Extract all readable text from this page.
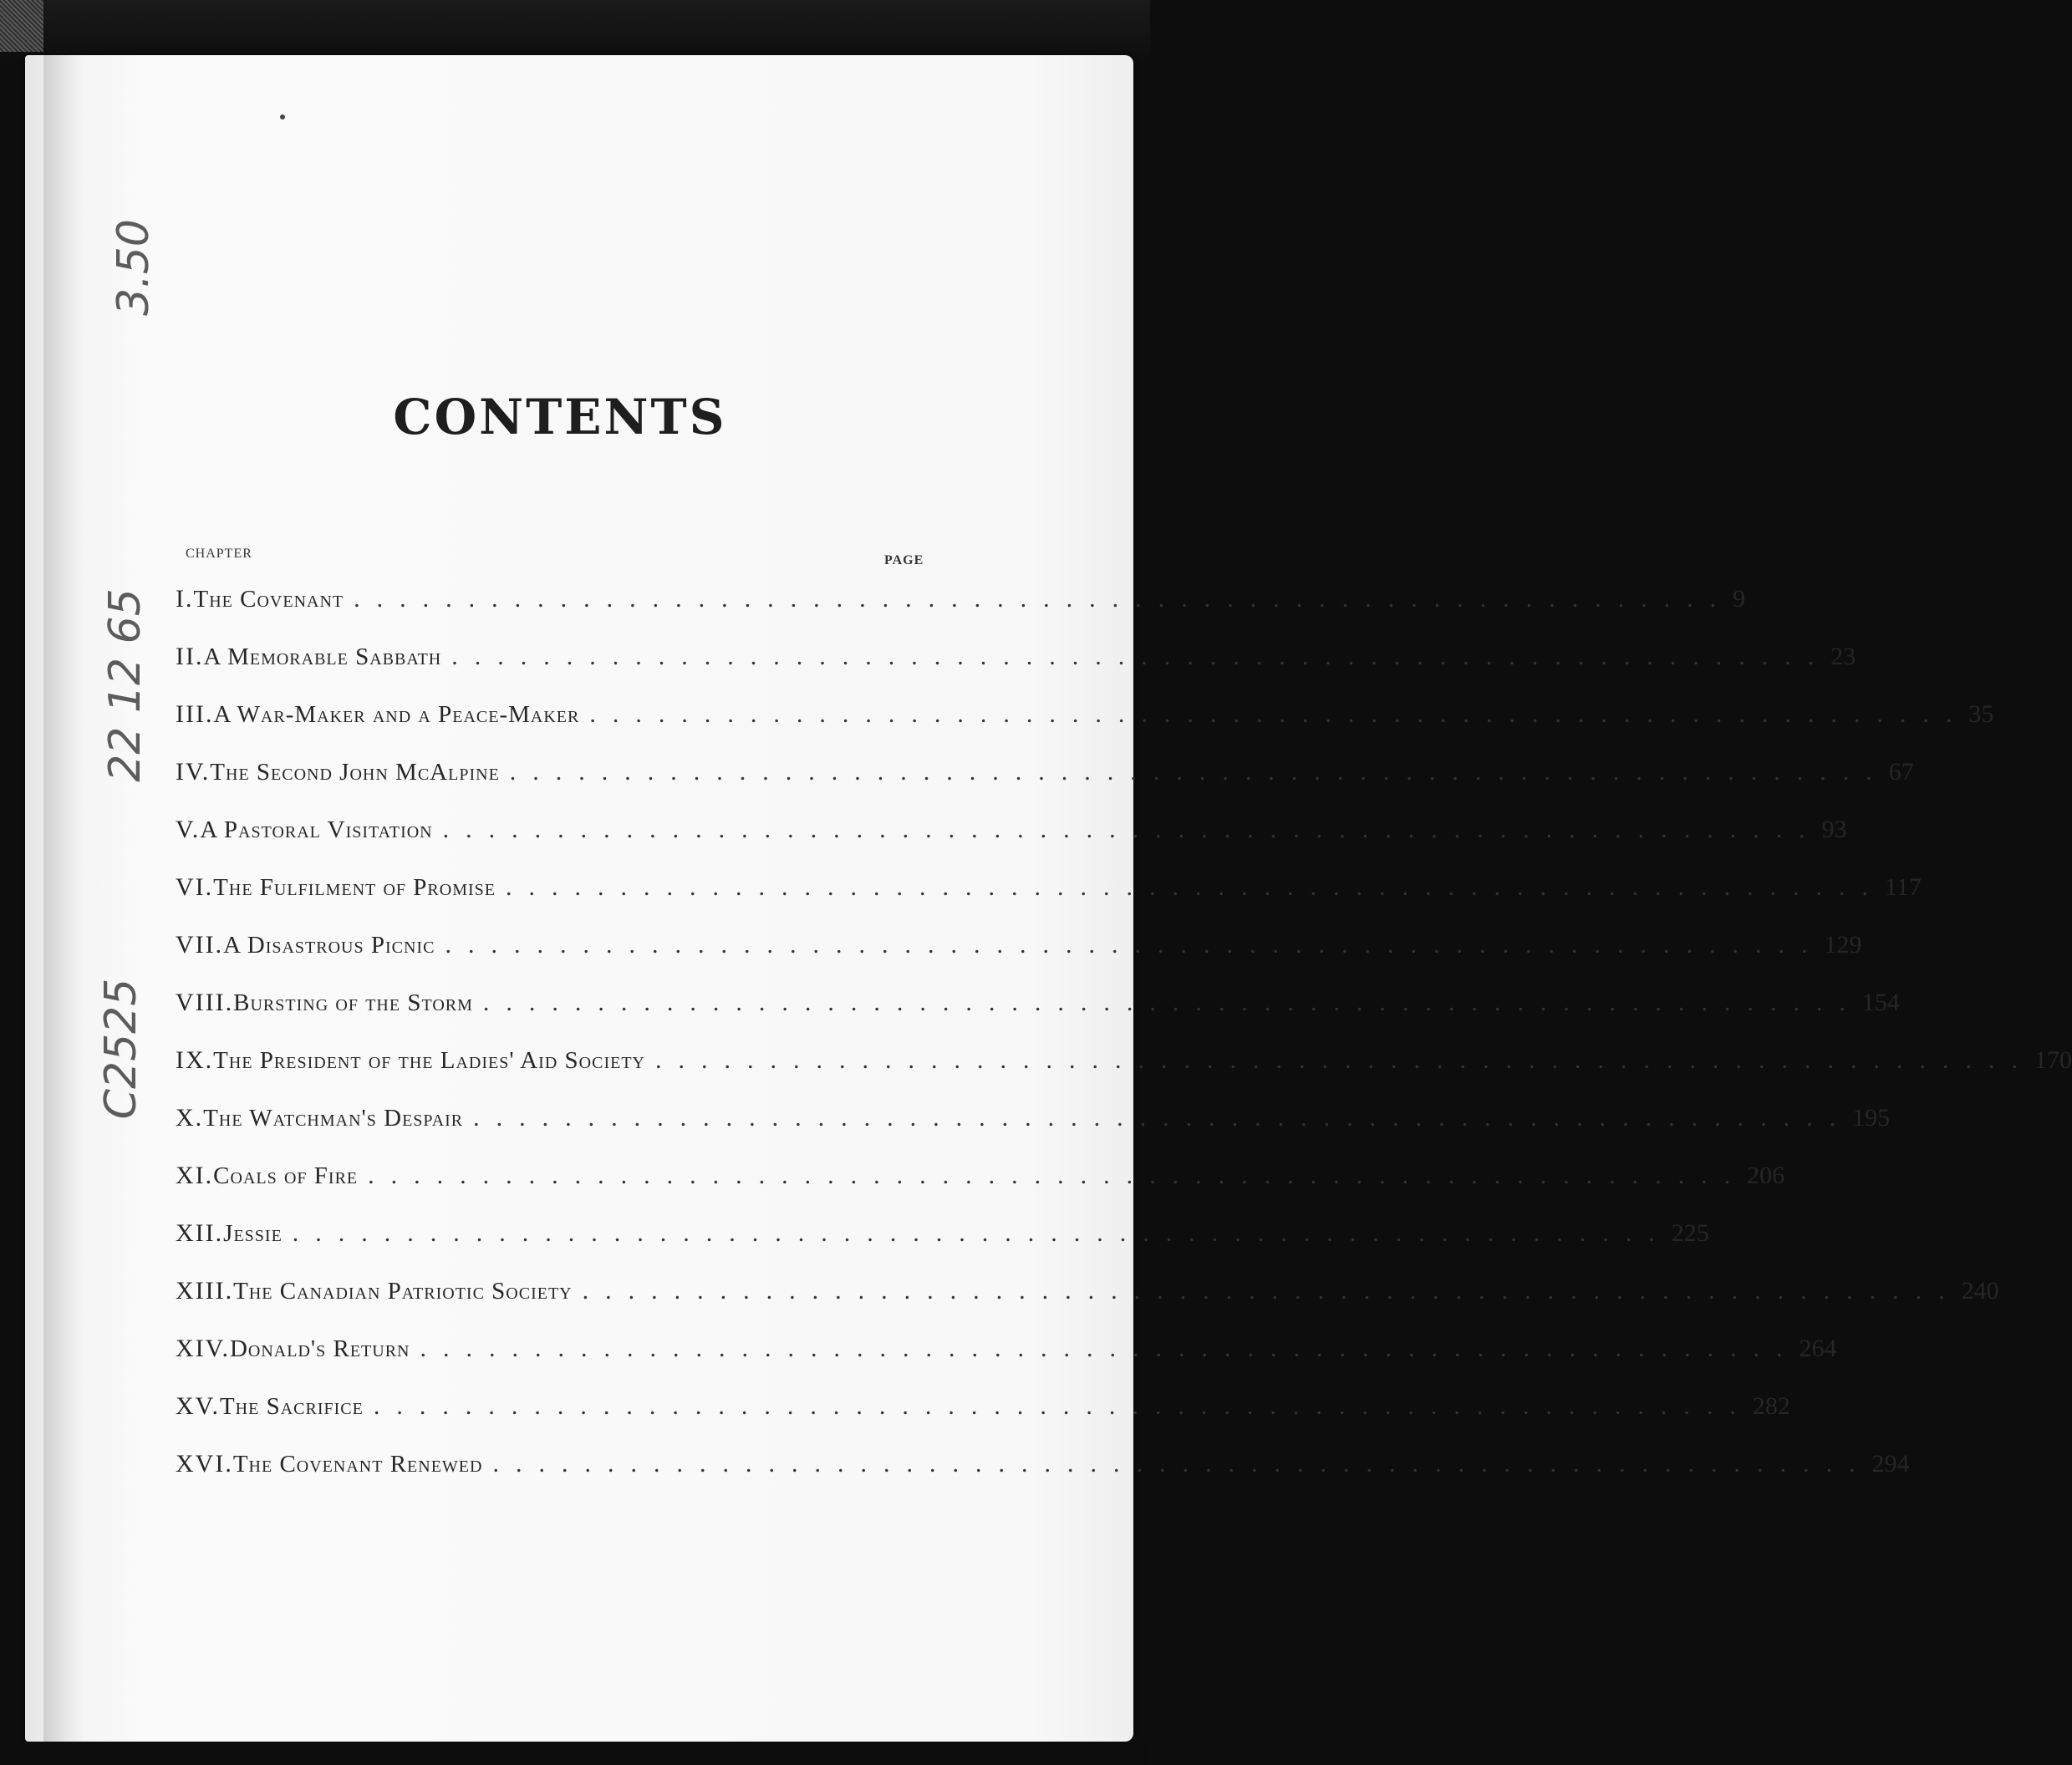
3.50
22 12 65
C2525
CONTENTS
CHAPTER	PAGE
I. The Covenant ............................................................ 9
II. A Memorable Sabbath ............................................................ 23
III. A War-Maker and a Peace-Maker ............................................................ 35
IV. The Second John McAlpine ............................................................ 67
V. A Pastoral Visitation ............................................................ 93
VI. The Fulfilment of Promise ............................................................ 117
VII. A Disastrous Picnic ............................................................ 129
VIII. Bursting of the Storm ............................................................ 154
IX. The President of the Ladies' Aid Society ............................................................ 170
X. The Watchman's Despair ............................................................ 195
XI. Coals of Fire ............................................................ 206
XII. Jessie ............................................................ 225
XIII. The Canadian Patriotic Society ............................................................ 240
XIV. Donald's Return ............................................................ 264
XV. The Sacrifice ............................................................ 282
XVI. The Covenant Renewed ............................................................ 294
